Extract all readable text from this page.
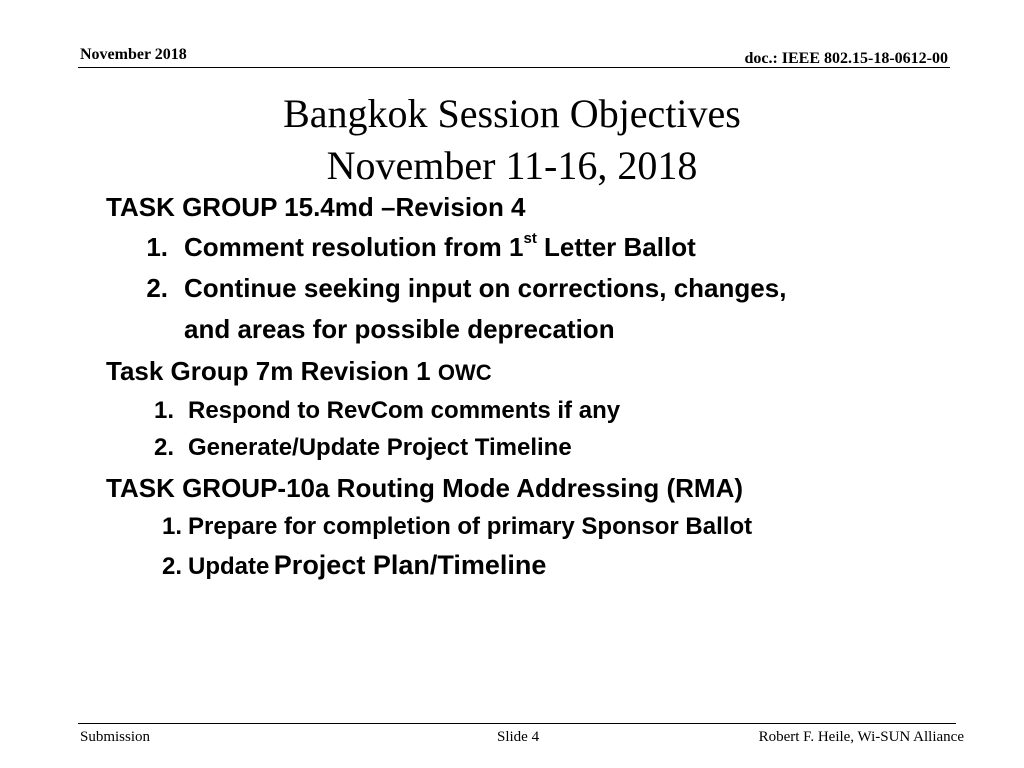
November 2018	doc.: IEEE 802.15-18-0612-00
Bangkok Session Objectives
November 11-16, 2018
TASK GROUP 15.4md –Revision 4
1. Comment resolution from 1st Letter Ballot
2. Continue seeking input on corrections, changes,
and areas for possible deprecation
Task Group 7m Revision 1 OWC
1. Respond to RevCom comments if any
2. Generate/Update Project Timeline
TASK GROUP-10a Routing Mode Addressing (RMA)
1. Prepare for completion of primary Sponsor Ballot
2. Update Project Plan/Timeline
Submission	Slide 4	Robert F. Heile, Wi-SUN Alliance
